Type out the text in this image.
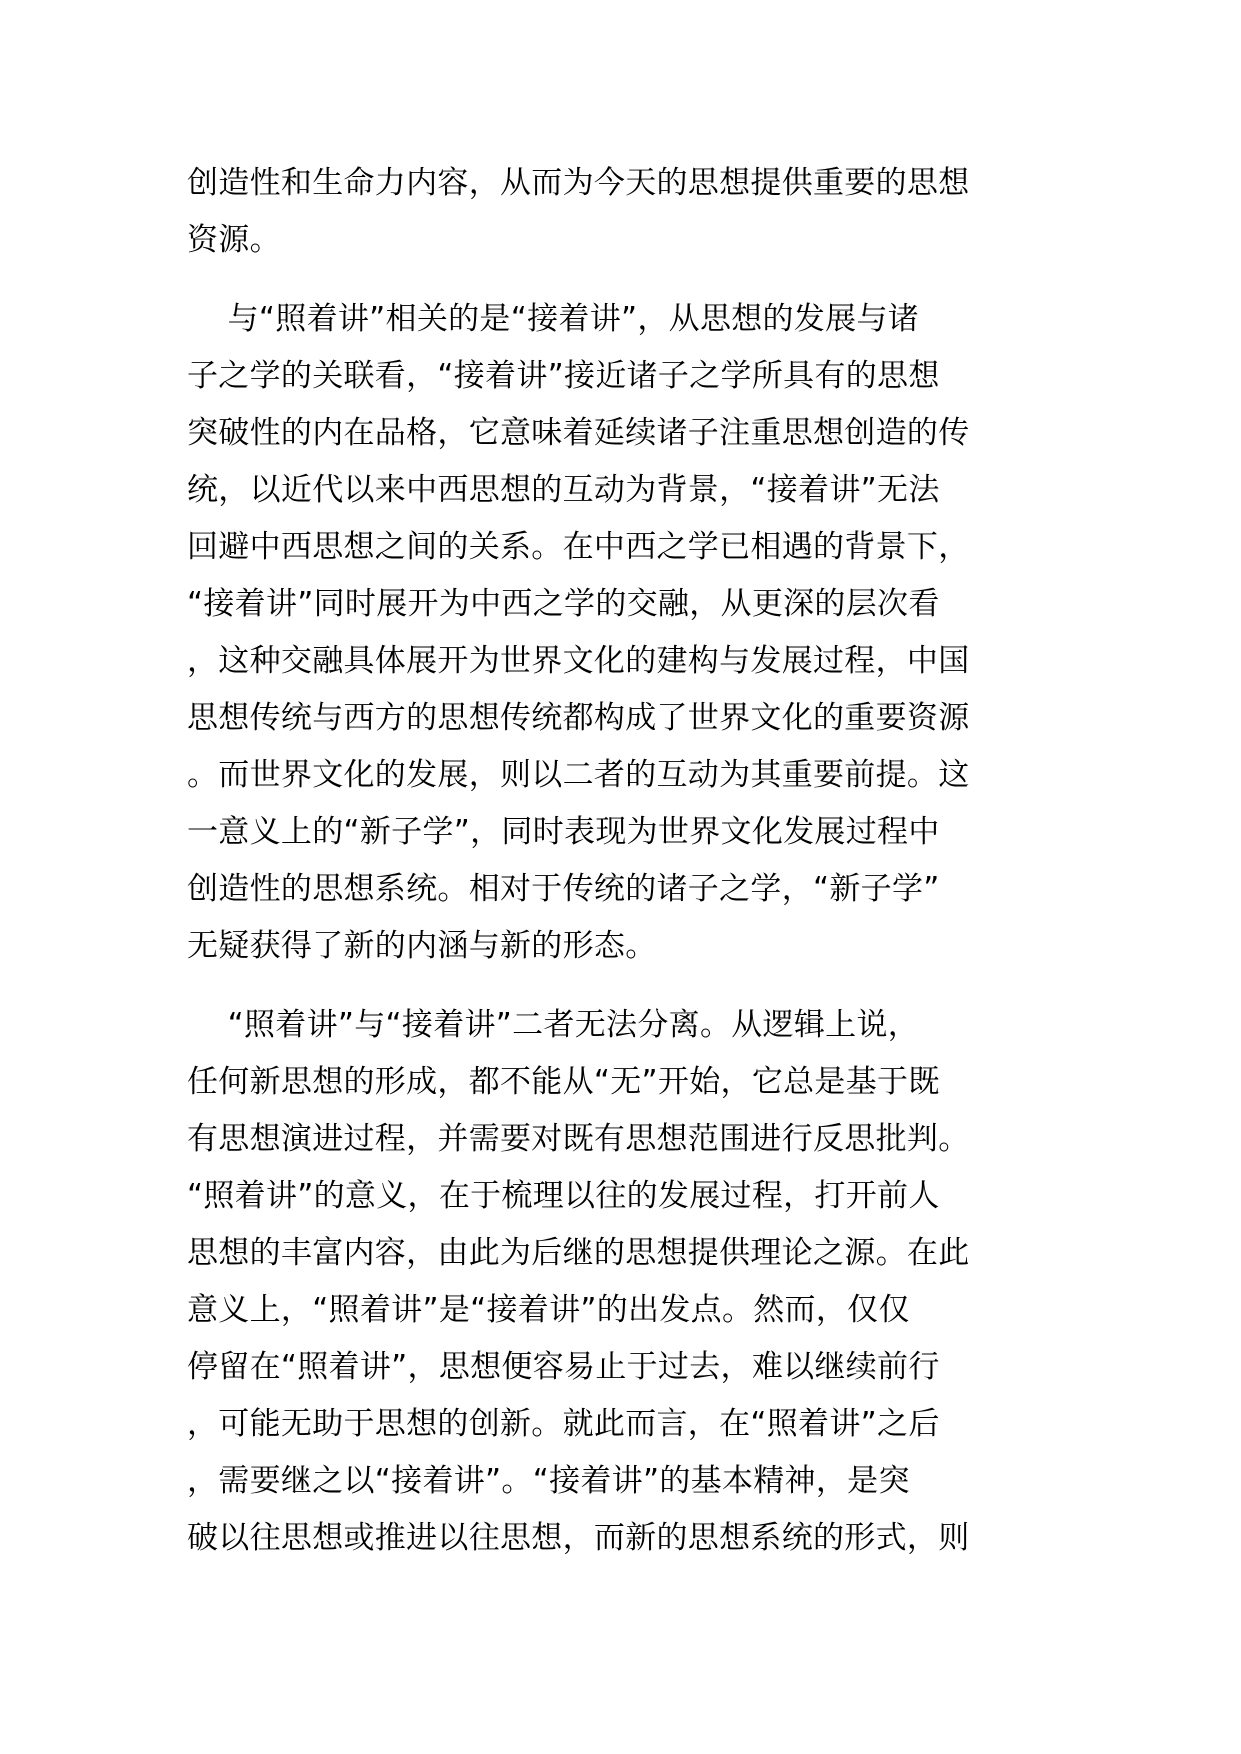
创造性和生命力内容，从而为今天的思想提供重要的思想
资源。

与“照着讲”相关的是“接着讲”，从思想的发展与诸
子之学的关联看，“接着讲”接近诸子之学所具有的思想
突破性的内在品格，它意味着延续诸子注重思想创造的传
统，以近代以来中西思想的互动为背景，“接着讲”无法
回避中西思想之间的关系。在中西之学已相遇的背景下，
“接着讲”同时展开为中西之学的交融，从更深的层次看
，这种交融具体展开为世界文化的建构与发展过程，中国
思想传统与西方的思想传统都构成了世界文化的重要资源
。而世界文化的发展，则以二者的互动为其重要前提。这
一意义上的“新子学”，同时表现为世界文化发展过程中
创造性的思想系统。相对于传统的诸子之学，“新子学”
无疑获得了新的内涵与新的形态。

“照着讲”与“接着讲”二者无法分离。从逻辑上说，
任何新思想的形成，都不能从“无”开始，它总是基于既
有思想演进过程，并需要对既有思想范围进行反思批判。
“照着讲”的意义，在于梳理以往的发展过程，打开前人
思想的丰富内容，由此为后继的思想提供理论之源。在此
意义上，“照着讲”是“接着讲”的出发点。然而，仅仅
停留在“照着讲”，思想便容易止于过去，难以继续前行
，可能无助于思想的创新。就此而言，在“照着讲”之后
，需要继之以“接着讲”。“接着讲”的基本精神，是突
破以往思想或推进以往思想，而新的思想系统的形式，则
